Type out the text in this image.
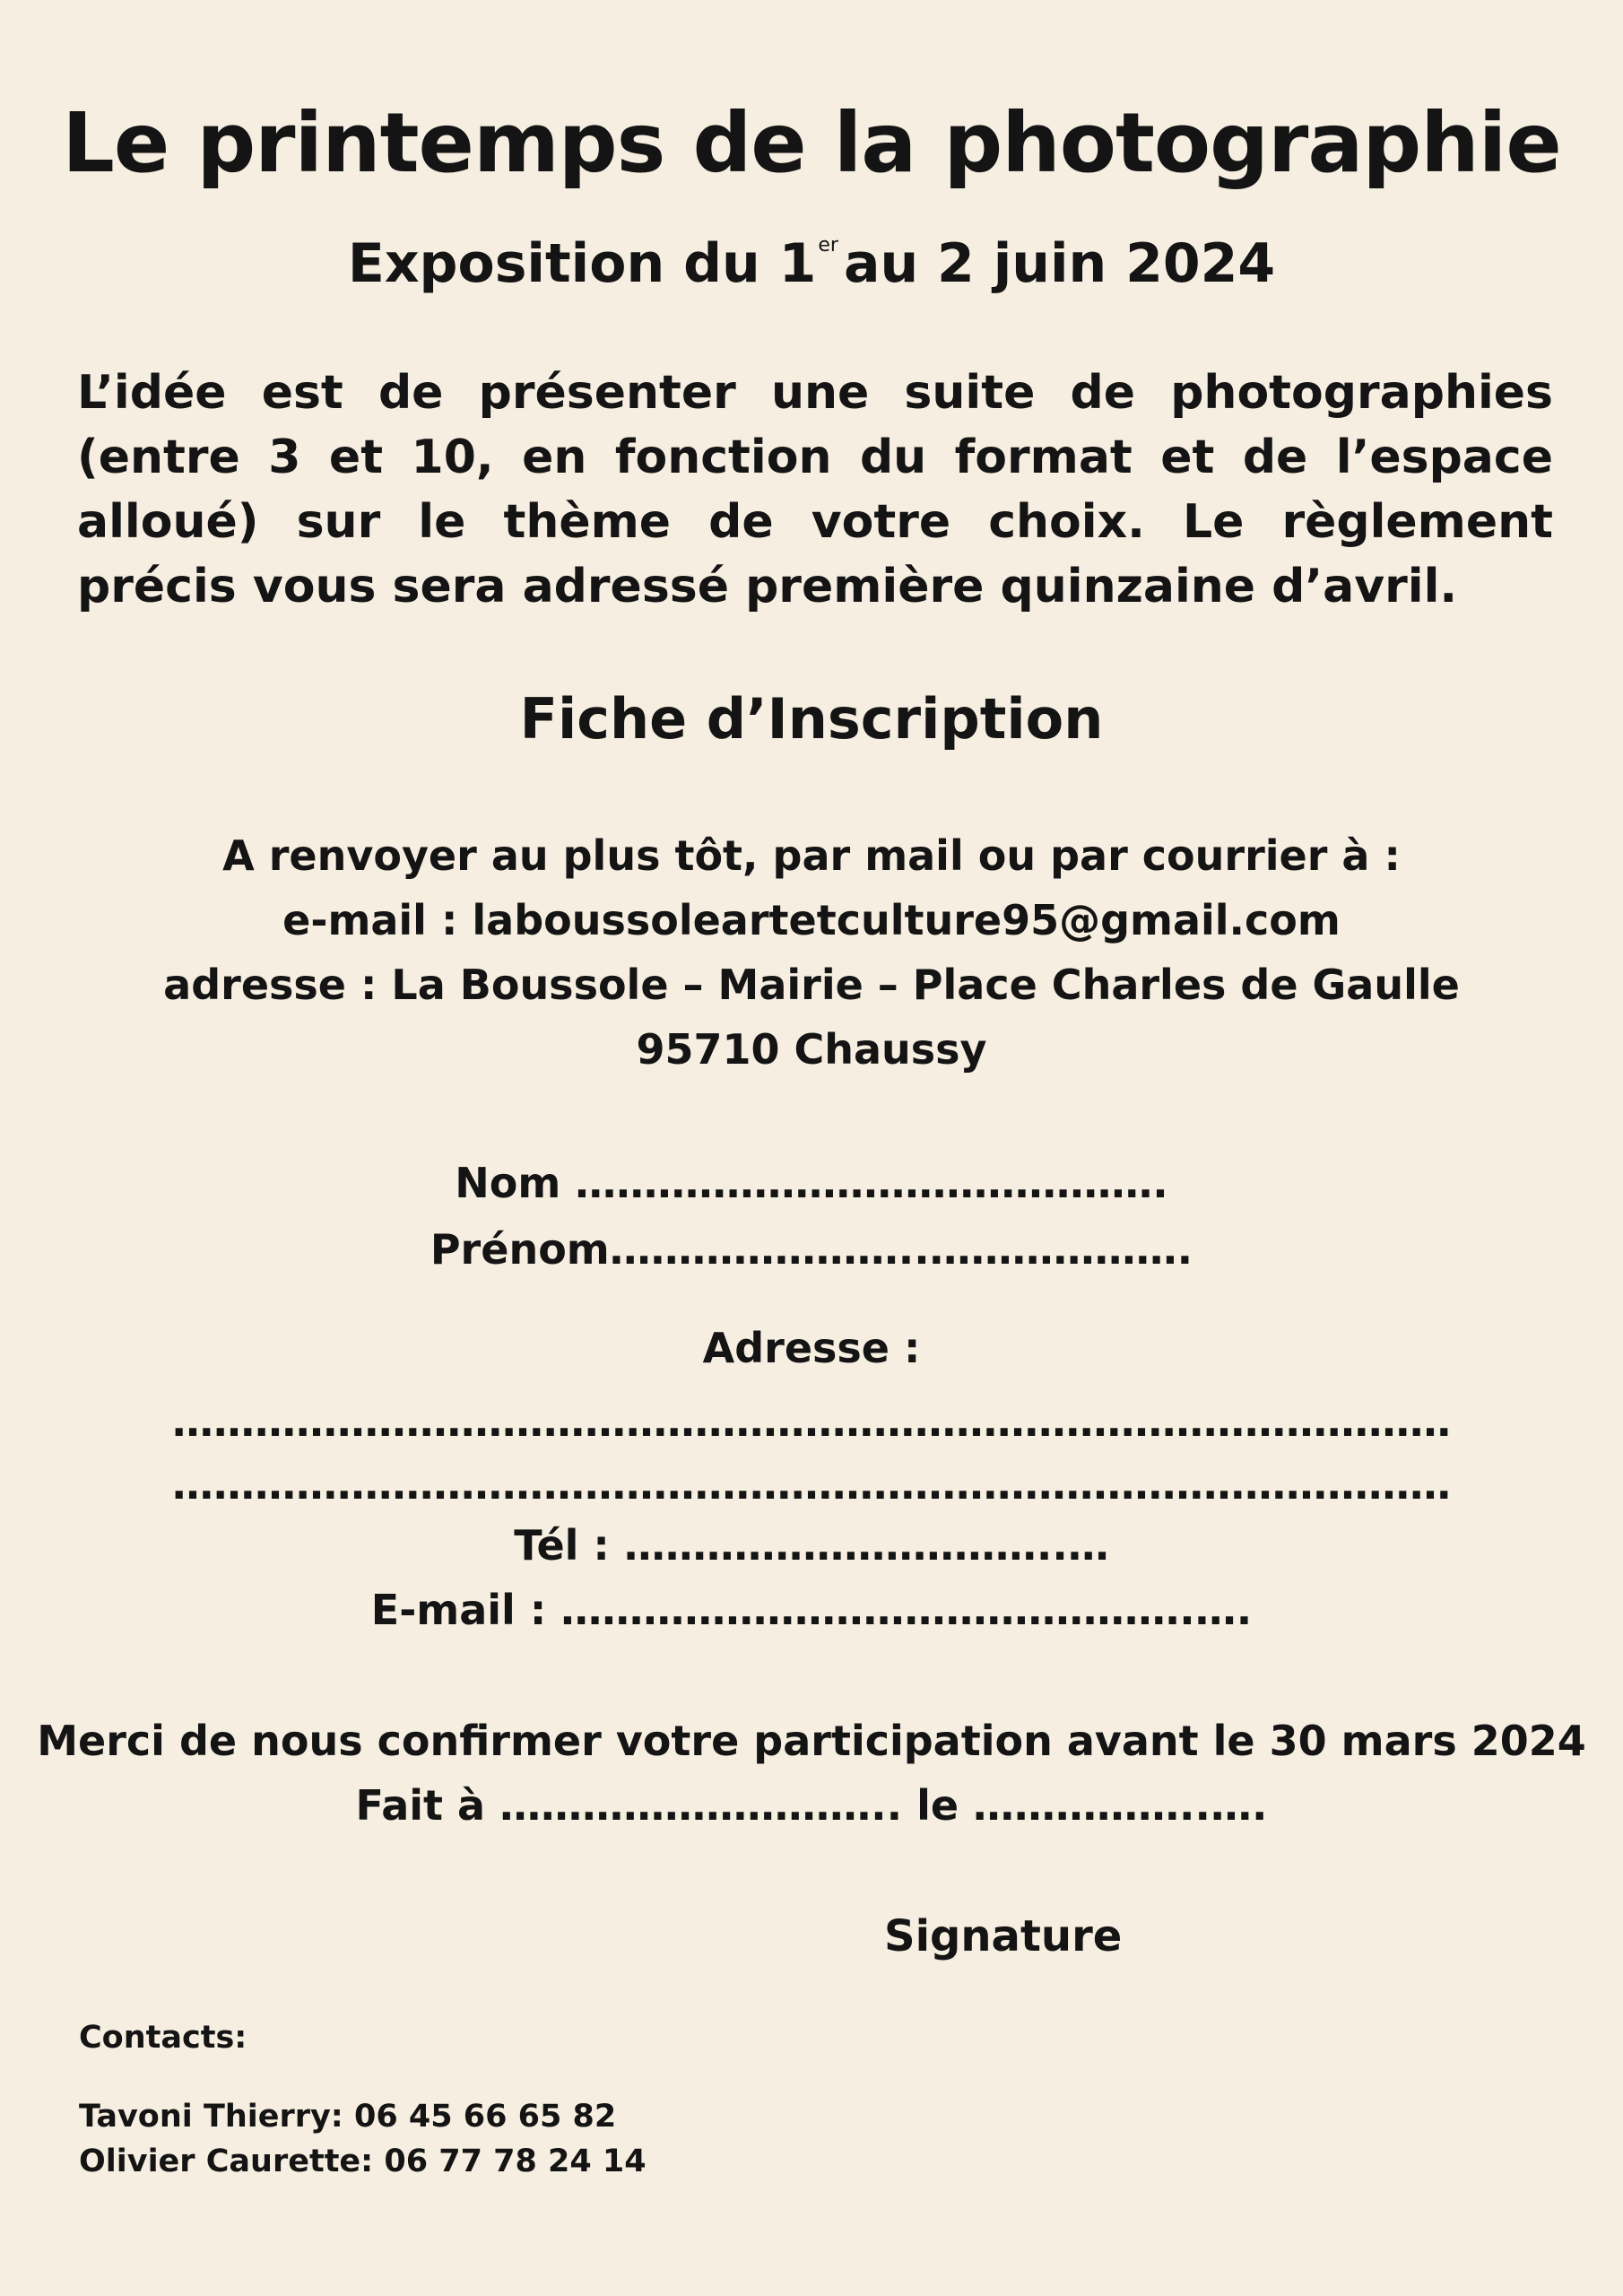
Le printemps de la photographie
Exposition du 1er au 2 juin 2024
L’idée est de présenter une suite de photographies (entre 3 et 10, en fonction du format et de l’espace alloué) sur le thème de votre choix. Le règlement précis vous sera adressé première quinzaine d’avril.
Fiche d’Inscription
A renvoyer au plus tôt, par mail ou par courrier à :
e-mail : laboussoleartetculture95@gmail.com
adresse : La Boussole – Mairie – Place Charles de Gaulle
95710 Chaussy
Nom …………………………………….
Prénom…………………..……………….
Adresse :
…………………………………………………………………………………
…………………………………………………………………………………
Tél : …………………………..…
E-mail : ……………………………………….….
Merci de nous confirmer votre participation avant le 30 mars 2024
Fait à ……………………….. le ……………..….
Signature
Contacts:
Tavoni Thierry: 06 45 66 65 82
Olivier Caurette: 06 77 78 24 14
